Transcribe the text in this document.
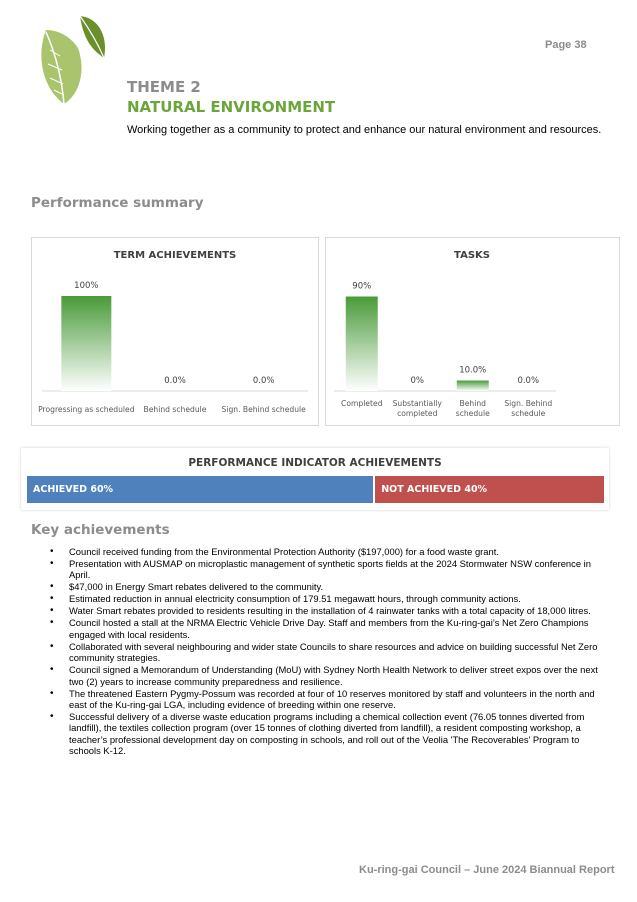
Page 38
THEME 2
NATURAL ENVIRONMENT
Working together as a community to protect and enhance our natural environment and resources.
Performance summary
TERM ACHIEVEMENTS
100%
Progressing as scheduled
0.0%
Behind schedule
0.0%
Sign. Behind schedule
TASKS
90%
Completed
0%
Substantially completed
10.0%
Behind schedule
0.0%
Sign. Behind schedule
PERFORMANCE INDICATOR ACHIEVEMENTS
ACHIEVED 60%	NOT ACHIEVED 40%
Key achievements
• Council received funding from the Environmental Protection Authority ($197,000) for a food waste grant.
• Presentation with AUSMAP on microplastic management of synthetic sports fields at the 2024 Stormwater NSW conference in April.
• $47,000 in Energy Smart rebates delivered to the community.
• Estimated reduction in annual electricity consumption of 179.51 megawatt hours, through community actions.
• Water Smart rebates provided to residents resulting in the installation of 4 rainwater tanks with a total capacity of 18,000 litres.
• Council hosted a stall at the NRMA Electric Vehicle Drive Day. Staff and members from the Ku-ring-gai’s Net Zero Champions engaged with local residents.
• Collaborated with several neighbouring and wider state Councils to share resources and advice on building successful Net Zero community strategies.
• Council signed a Memorandum of Understanding (MoU) with Sydney North Health Network to deliver street expos over the next two (2) years to increase community preparedness and resilience.
• The threatened Eastern Pygmy-Possum was recorded at four of 10 reserves monitored by staff and volunteers in the north and east of the Ku-ring-gai LGA, including evidence of breeding within one reserve.
• Successful delivery of a diverse waste education programs including a chemical collection event (76.05 tonnes diverted from landfill), the textiles collection program (over 15 tonnes of clothing diverted from landfill), a resident composting workshop, a teacher’s professional development day on composting in schools, and roll out of the Veolia 'The Recoverables' Program to schools K-12.
Ku-ring-gai Council – June 2024 Biannual Report
